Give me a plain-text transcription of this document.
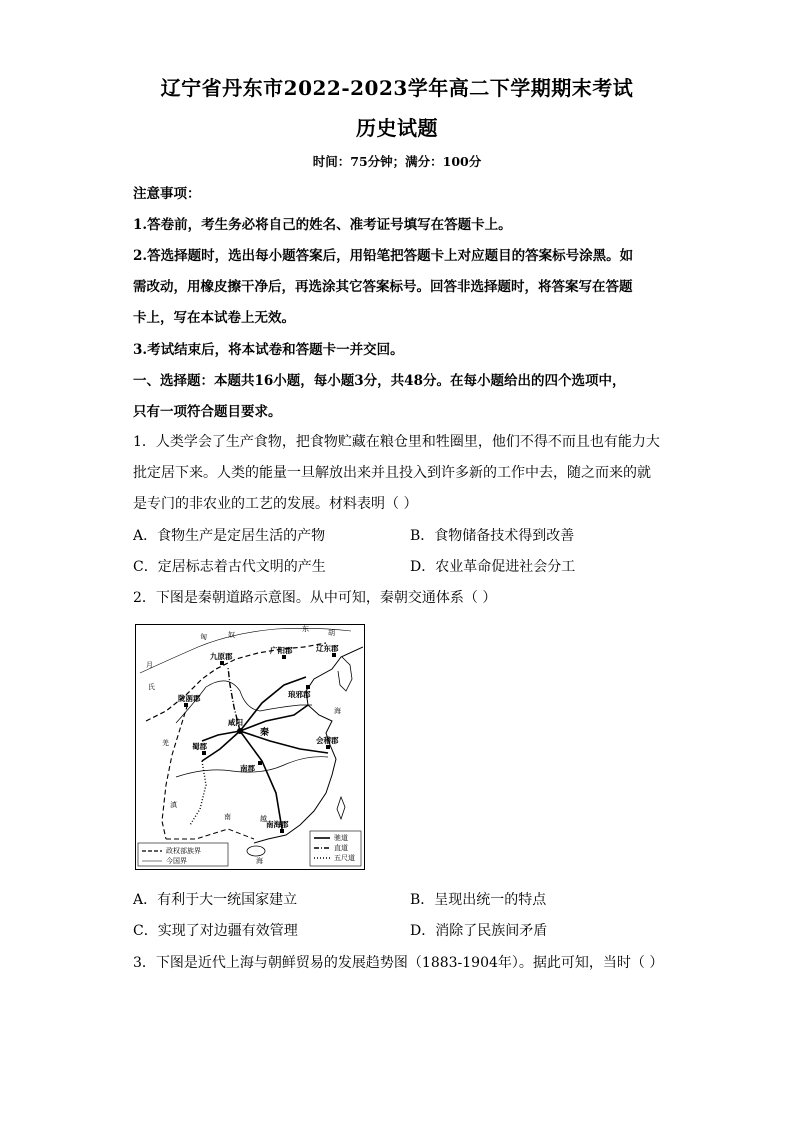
辽宁省丹东市2022-2023学年高二下学期期末考试
历史试题
时间：75分钟；满分：100分
注意事项：
1.答卷前，考生务必将自己的姓名、准考证号填写在答题卡上。
2.答选择题时，选出每小题答案后，用铅笔把答题卡上对应题目的答案标号涂黑。如
需改动，用橡皮擦干净后，再选涂其它答案标号。回答非选择题时，将答案写在答题
卡上，写在本试卷上无效。
3.考试结束后，将本试卷和答题卡一并交回。
一、选择题：本题共16小题，每小题3分，共48分。在每小题给出的四个选项中，
只有一项符合题目要求。
1．人类学会了生产食物，把食物贮藏在粮仓里和牲圈里，他们不得不而且也有能力大
批定居下来。人类的能量一旦解放出来并且投入到许多新的工作中去，随之而来的就
是专门的非农业的工艺的发展。材料表明（ ）
A．食物生产是定居生活的产物	B．食物储备技术得到改善
C．定居标志着古代文明的产生	D．农业革命促进社会分工
2．下图是秦朝道路示意图。从中可知，秦朝交通体系（ ）
匈	奴
东	胡
月
氏
羌
滇
南	越
海
海
九原郡
广阳郡	辽东郡
陇西郡
咸阳
秦
琅邪郡
会稽郡
蜀郡
南郡
南海郡
政权部族界
今国界
驰道
直道
五尺道
A．有利于大一统国家建立	B．呈现出统一的特点
C．实现了对边疆有效管理	D．消除了民族间矛盾
3．下图是近代上海与朝鲜贸易的发展趋势图（1883-1904年）。据此可知，当时（ ）
